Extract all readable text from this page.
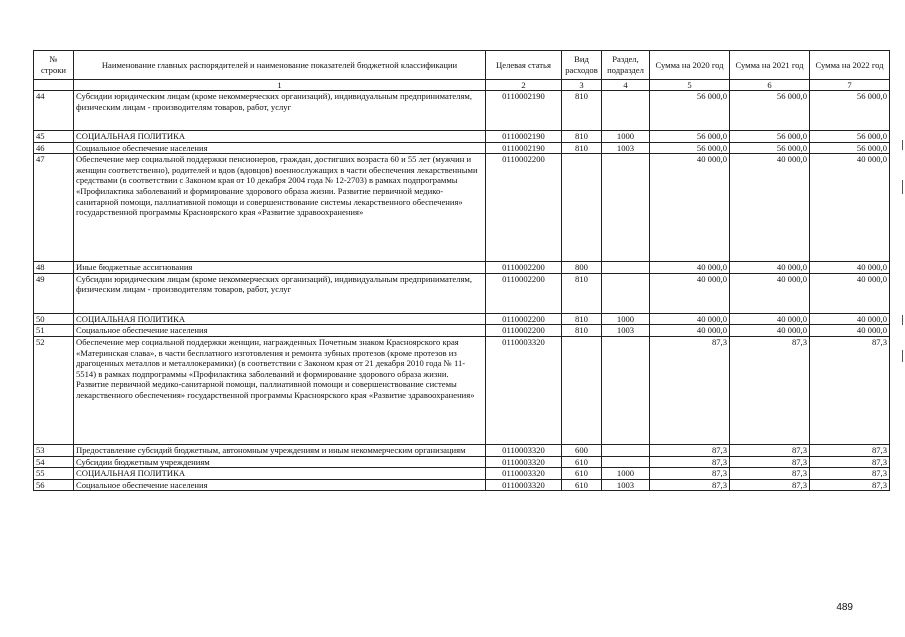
№ строки	Наименование главных распорядителей и наименование показателей бюджетной классификации	Целевая статья	Вид расходов	Раздел, подраздел	Сумма на 2020 год	Сумма на 2021 год	Сумма на 2022 год
	1	2	3	4	5	6	7
44	Субсидии юридическим лицам (кроме некоммерческих организаций), индивидуальным предпринимателям, физическим лицам - производителям товаров, работ, услуг	0110002190	810		56 000,0	56 000,0	56 000,0
45	СОЦИАЛЬНАЯ ПОЛИТИКА	0110002190	810	1000	56 000,0	56 000,0	56 000,0
46	Социальное обеспечение населения	0110002190	810	1003	56 000,0	56 000,0	56 000,0
47	Обеспечение мер социальной поддержки пенсионеров, граждан, достигших возраста 60 и 55 лет (мужчин и женщин соответственно), родителей и вдов (вдовцов) военнослужащих в части обеспечения лекарственными средствами (в соответствии с Законом края от 10 декабря 2004 года № 12-2703) в рамках подпрограммы «Профилактика заболеваний и формирование здорового образа жизни. Развитие первичной медико-санитарной помощи, паллиативной помощи и совершенствование системы лекарственного обеспечения» государственной программы Красноярского края «Развитие здравоохранения»	0110002200			40 000,0	40 000,0	40 000,0
48	Иные бюджетные ассигнования	0110002200	800		40 000,0	40 000,0	40 000,0
49	Субсидии юридическим лицам (кроме некоммерческих организаций), индивидуальным предпринимателям, физическим лицам - производителям товаров, работ, услуг	0110002200	810		40 000,0	40 000,0	40 000,0
50	СОЦИАЛЬНАЯ ПОЛИТИКА	0110002200	810	1000	40 000,0	40 000,0	40 000,0
51	Социальное обеспечение населения	0110002200	810	1003	40 000,0	40 000,0	40 000,0
52	Обеспечение мер социальной поддержки женщин, награжденных Почетным знаком Красноярского края «Материнская слава», в части бесплатного изготовления и ремонта зубных протезов (кроме протезов из драгоценных металлов и металлокерамики) (в соответствии с Законом края от 21 декабря 2010 года № 11-5514) в рамках подпрограммы «Профилактика заболеваний и формирование здорового образа жизни. Развитие первичной медико-санитарной помощи, паллиативной помощи и совершенствование системы лекарственного обеспечения» государственной программы Красноярского края «Развитие здравоохранения»	0110003320			87,3	87,3	87,3
53	Предоставление субсидий бюджетным, автономным учреждениям и иным некоммерческим организациям	0110003320	600		87,3	87,3	87,3
54	Субсидии бюджетным учреждениям	0110003320	610		87,3	87,3	87,3
55	СОЦИАЛЬНАЯ ПОЛИТИКА	0110003320	610	1000	87,3	87,3	87,3
56	Социальное обеспечение населения	0110003320	610	1003	87,3	87,3	87,3
489
